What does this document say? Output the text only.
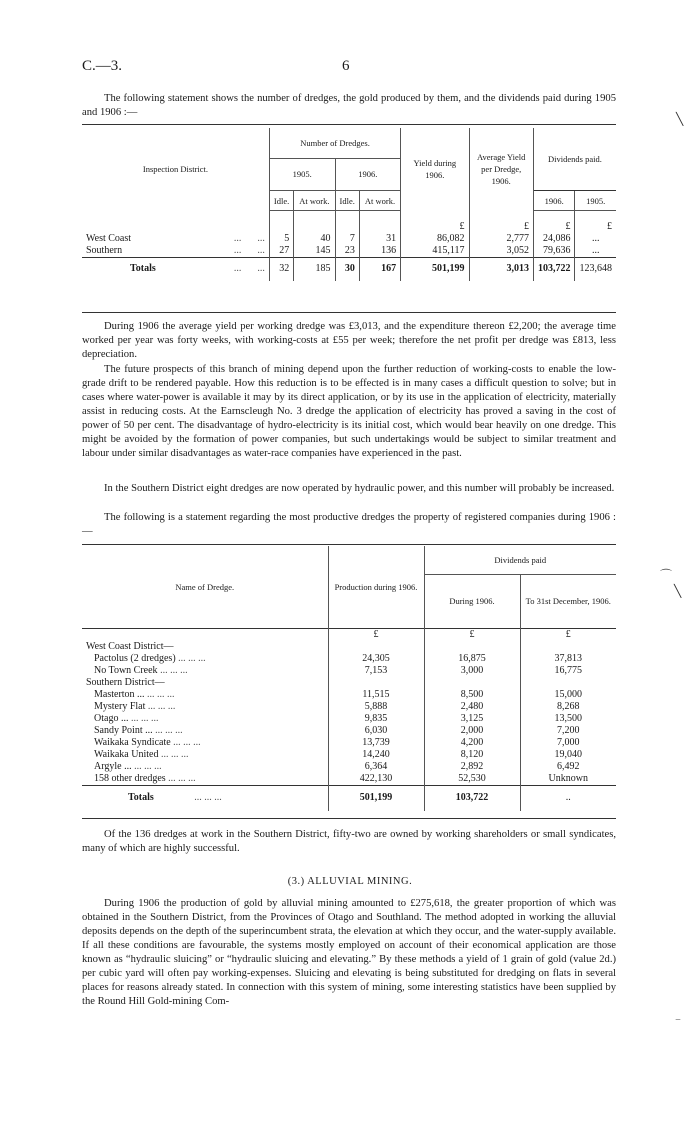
C.—3.	6

The following statement shows the number of dredges, the gold produced by them, and the dividends paid during 1905 and 1906 :—

Inspection District.			Number of Dredges.				Yield during 1906.	Average Yield per Dredge, 1906.	Dividends paid.	
			1905.		1906.					
			Idle.	At work.	Idle.	At work.			1906.	1905.
							£	£	£	£
West Coast	...	...	5	40	7	31	86,082	2,777	24,086	...
Southern	...	...	27	145	23	136	415,117	3,052	79,636	...
Totals	...	...	32	185	30	167	501,199	3,013	103,722	123,648

During 1906 the average yield per working dredge was £3,013, and the expenditure thereon £2,200; the average time worked per year was forty weeks, with working-costs at £55 per week; therefore the net profit per dredge was £813, less depreciation.

The future prospects of this branch of mining depend upon the further reduction of working-costs to enable the low-grade drift to be rendered payable. How this reduction is to be effected is in many cases a difficult question to solve; but in cases where water-power is available it may by its direct application, or by its use in the application of electricity, materially assist in reducing costs. At the Earnscleugh No. 3 dredge the application of electricity has proved a saving in the cost of power of 50 per cent. The disadvantage of hydro-electricity is its initial cost, which would bear heavily on one dredge. This might be avoided by the formation of power companies, but such undertakings would be subject to similar treatment and labour under similar disadvantages as water-race companies have experienced in the past.

In the Southern District eight dredges are now operated by hydraulic power, and this number will probably be increased.

The following is a statement regarding the most productive dredges the property of registered companies during 1906 :—

Name of Dredge.	Production during 1906.	Dividends paid	
		During 1906.	To 31st December, 1906.
	£	£	£
West Coast District—			
Pactolus (2 dredges) ... ... ...	24,305	16,875	37,813
No Town Creek ... ... ...	7,153	3,000	16,775
Southern District—			
Masterton ... ... ... ...	11,515	8,500	15,000
Mystery Flat ... ... ...	5,888	2,480	8,268
Otago ... ... ... ...	9,835	3,125	13,500
Sandy Point ... ... ... ...	6,030	2,000	7,200
Waikaka Syndicate ... ... ...	13,739	4,200	7,000
Waikaka United ... ... ...	14,240	8,120	19,040
Argyle ... ... ... ...	6,364	2,892	6,492
158 other dredges ... ... ...	422,130	52,530	Unknown
Totals ... ... ...	501,199	103,722	..

Of the 136 dredges at work in the Southern District, fifty-two are owned by working shareholders or small syndicates, many of which are highly successful.

(3.) ALLUVIAL MINING.

During 1906 the production of gold by alluvial mining amounted to £275,618, the greater proportion of which was obtained in the Southern District, from the Provinces of Otago and Southland. The method adopted in working the alluvial deposits depends on the depth of the superincumbent strata, the elevation at which they occur, and the water-supply available. If all these conditions are favourable, the systems mostly employed on account of their economical application are those known as “hydraulic sluicing” or “hydraulic sluicing and elevating.” By these methods a yield of 1 grain of gold (value 2d.) per cubic yard will often pay working-expenses. Sluicing and elevating is being substituted for dredging on flats in several places for reasons already stated. In connection with this system of mining, some interesting statistics have been supplied by the Round Hill Gold-mining Com-

╲
⌒
╲
‾
